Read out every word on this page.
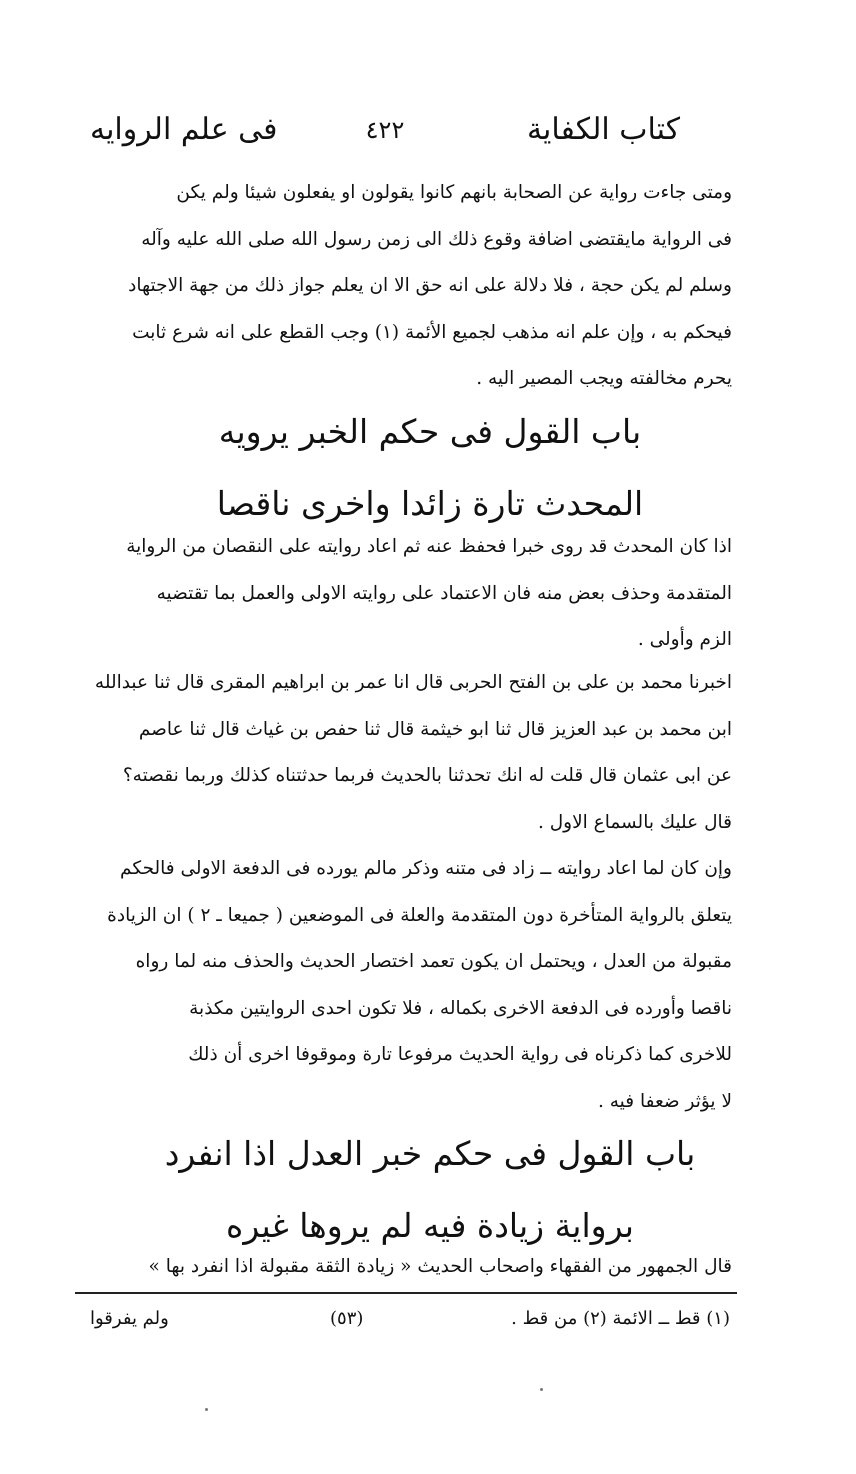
كتاب الكفاية
٤٢٢
فى علم الروايه
ومتى جاءت رواية عن الصحابة بانهم كانوا يقولون او يفعلون شيئا ولم يكن
فى الرواية مايقتضى اضافة وقوع ذلك الى زمن رسول الله صلى الله عليه وآله
وسلم لم يكن حجة ، فلا دلالة على انه حق الا ان يعلم جواز ذلك من جهة الاجتهاد
فيحكم به ، وإن علم انه مذهب لجميع الأئمة (١) وجب القطع على انه شرع ثابت
يحرم مخالفته ويجب المصير اليه .
باب القول فى حكم الخبر يرويه
المحدث تارة زائدا واخرى ناقصا
اذا كان المحدث قد روى خبرا فحفظ عنه ثم اعاد روايته على النقصان من الرواية
المتقدمة وحذف بعض منه فان الاعتماد على روايته الاولى والعمل بما تقتضيه
الزم وأولى .
اخبرنا محمد بن على بن الفتح الحربى قال انا عمر بن ابراهيم المقرى قال ثنا عبدالله
ابن محمد بن عبد العزيز قال ثنا ابو خيثمة قال ثنا حفص بن غياث قال ثنا عاصم
عن ابى عثمان قال قلت له انك تحدثنا بالحديث فربما حدثتناه كذلك وربما نقصته؟
قال عليك بالسماع الاول .
وإن كان لما اعاد روايته ــ زاد فى متنه وذكر مالم يورده فى الدفعة الاولى فالحكم
يتعلق بالرواية المتأخرة دون المتقدمة والعلة فى الموضعين ( جميعا ـ ٢ ) ان الزيادة
مقبولة من العدل ، ويحتمل ان يكون تعمد اختصار الحديث والحذف منه لما رواه
ناقصا وأورده فى الدفعة الاخرى بكماله ، فلا تكون احدى الروايتين مكذبة
للاخرى كما ذكرناه فى رواية الحديث مرفوعا تارة وموقوفا اخرى أن ذلك
لا يؤثر ضعفا فيه .
باب القول فى حكم خبر العدل اذا انفرد
برواية زيادة فيه لم يروها غيره
قال الجمهور من الفقهاء واصحاب الحديث « زيادة الثقة مقبولة اذا انفرد بها »
(١) قط ــ الائمة (٢) من قط .
(٥٣)
ولم يفرقوا
